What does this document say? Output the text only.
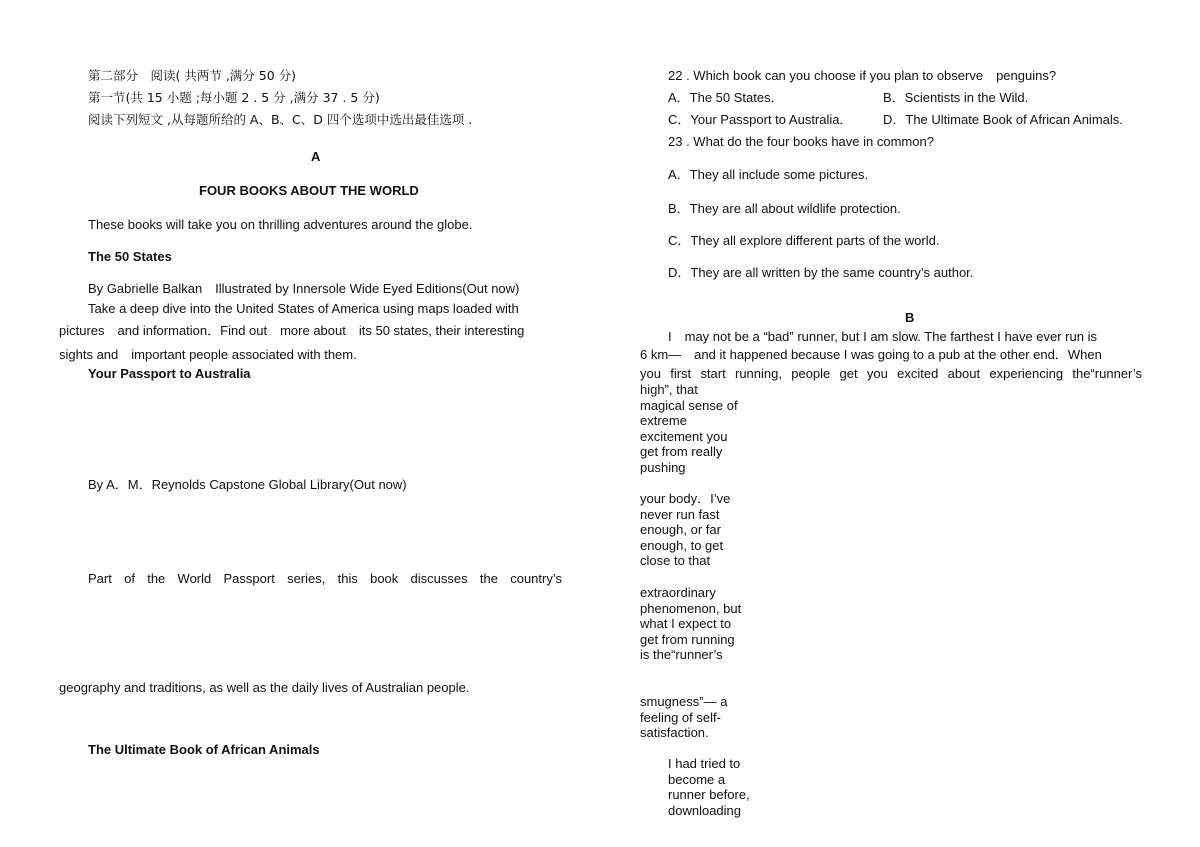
第二部分　阅读( 共两节 ,满分 50 分)
第一节(共 15 小题 ;每小题 2 . 5 分 ,满分 37 . 5 分)
阅读下列短文 ,从每题所给的 A、B、C、D 四个选项中选出最佳选项 .
A
FOUR BOOKS ABOUT THE WORLD
These books will take you on thrilling adventures around the globe.
The 50 States
By Gabrielle Balkan　Illustrated by Innersole Wide Eyed Editions(Out now)
Take a deep dive into the United States of America using maps loaded with
pictures　and information．Find out　more about　its 50 states, their interesting
sights and　important people associated with them.
Your Passport to Australia
By A．M．Reynolds Capstone Global Library(Out now)
Part of the World Passport series, this book discusses the country’s
geography and traditions, as well as the daily lives of Australian people.
The Ultimate Book of African Animals
22 . Which book can you choose if you plan to observe　penguins?
A．The 50 States．	B．Scientists in the Wild.
C．Your Passport to Australia． D．The Ultimate Book of African Animals.
23 . What do the four books have in common?
A．They all include some pictures.
B．They are all about wildlife protection.
C．They all explore different parts of the world.
D．They are all written by the same country’s author.
B
I　may not be a “bad” runner, but I am slow. The farthest I have ever run is
6 km—　and it happened because I was going to a pub at the other end．When
you first start running, people get you excited about experiencing the“runner’s
high”, that magical sense of extreme excitement you get from really pushing
your body．I’ve never run fast enough, or far enough, to get close to that
extraordinary phenomenon, but what I expect to get from running is the“runner’s
smugness”— a feeling of self-satisfaction.
I had tried to become a runner before, downloading
